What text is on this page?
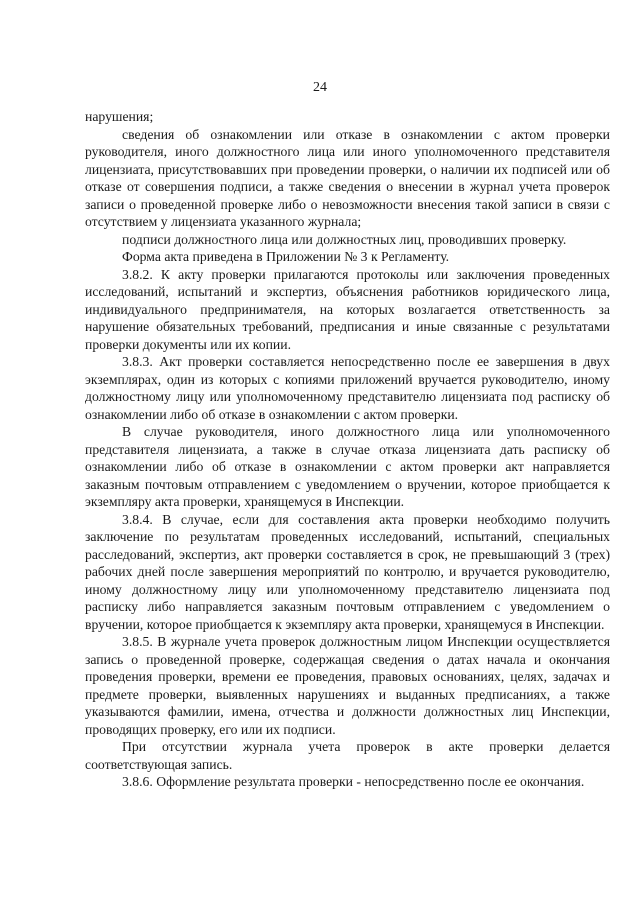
24

нарушения;

сведения об ознакомлении или отказе в ознакомлении с актом проверки руководителя, иного должностного лица или иного уполномоченного представителя лицензиата, присутствовавших при проведении проверки, о наличии их подписей или об отказе от совершения подписи, а также сведения о внесении в журнал учета проверок записи о проведенной проверке либо о невозможности внесения такой записи в связи с отсутствием у лицензиата указанного журнала;

подписи должностного лица или должностных лиц, проводивших проверку.

Форма акта приведена в Приложении № 3 к Регламенту.

3.8.2. К акту проверки прилагаются протоколы или заключения проведенных исследований, испытаний и экспертиз, объяснения работников юридического лица, индивидуального предпринимателя, на которых возлагается ответственность за нарушение обязательных требований, предписания и иные связанные с результатами проверки документы или их копии.

3.8.3. Акт проверки составляется непосредственно после ее завершения в двух экземплярах, один из которых с копиями приложений вручается руководителю, иному должностному лицу или уполномоченному представителю лицензиата под расписку об ознакомлении либо об отказе в ознакомлении с актом проверки.

В случае руководителя, иного должностного лица или уполномоченного представителя лицензиата, а также в случае отказа лицензиата дать расписку об ознакомлении либо об отказе в ознакомлении с актом проверки акт направляется заказным почтовым отправлением с уведомлением о вручении, которое приобщается к экземпляру акта проверки, хранящемуся в Инспекции.

3.8.4. В случае, если для составления акта проверки необходимо получить заключение по результатам проведенных исследований, испытаний, специальных расследований, экспертиз, акт проверки составляется в срок, не превышающий 3 (трех) рабочих дней после завершения мероприятий по контролю, и вручается руководителю, иному должностному лицу или уполномоченному представителю лицензиата под расписку либо направляется заказным почтовым отправлением с уведомлением о вручении, которое приобщается к экземпляру акта проверки, хранящемуся в Инспекции.

3.8.5. В журнале учета проверок должностным лицом Инспекции осуществляется запись о проведенной проверке, содержащая сведения о датах начала и окончания проведения проверки, времени ее проведения, правовых основаниях, целях, задачах и предмете проверки, выявленных нарушениях и выданных предписаниях, а также указываются фамилии, имена, отчества и должности должностных лиц Инспекции, проводящих проверку, его или их подписи.

При отсутствии журнала учета проверок в акте проверки делается соответствующая запись.

3.8.6. Оформление результата проверки - непосредственно после ее окончания.
